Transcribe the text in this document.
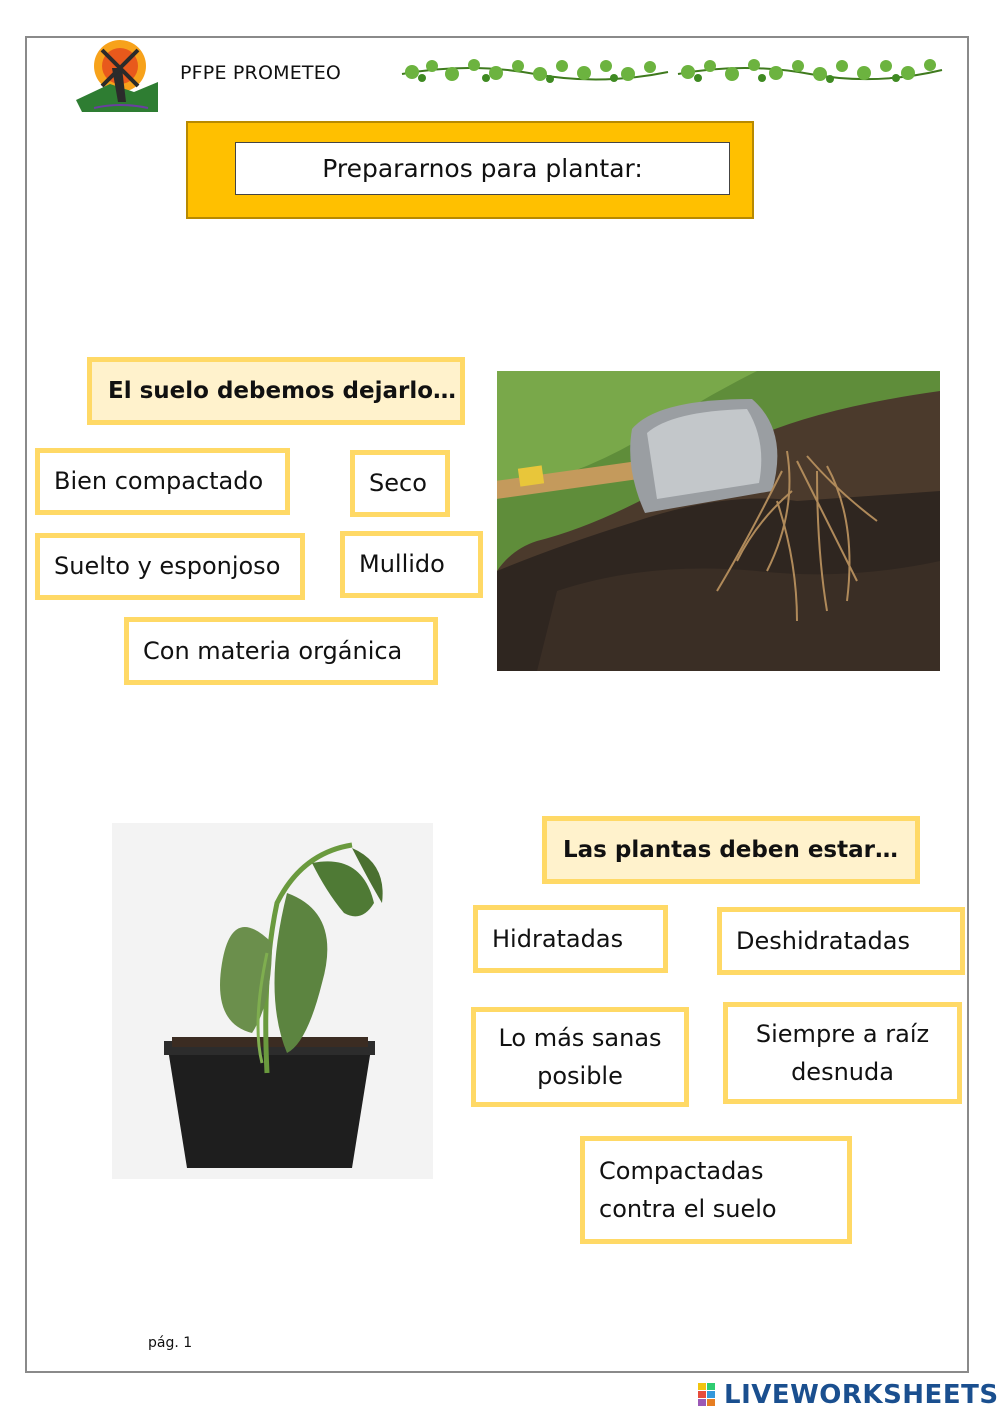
PFPE PROMETEO
Prepararnos para plantar:
El suelo debemos dejarlo…
Bien compactado	Seco
Suelto y esponjoso	Mullido
Con materia orgánica
Las plantas deben estar…
Hidratadas	Deshidratadas
Lo más sanas posible
Siempre a raíz desnuda
Compactadas contra el suelo
pág. 1
LIVEWORKSHEETS
